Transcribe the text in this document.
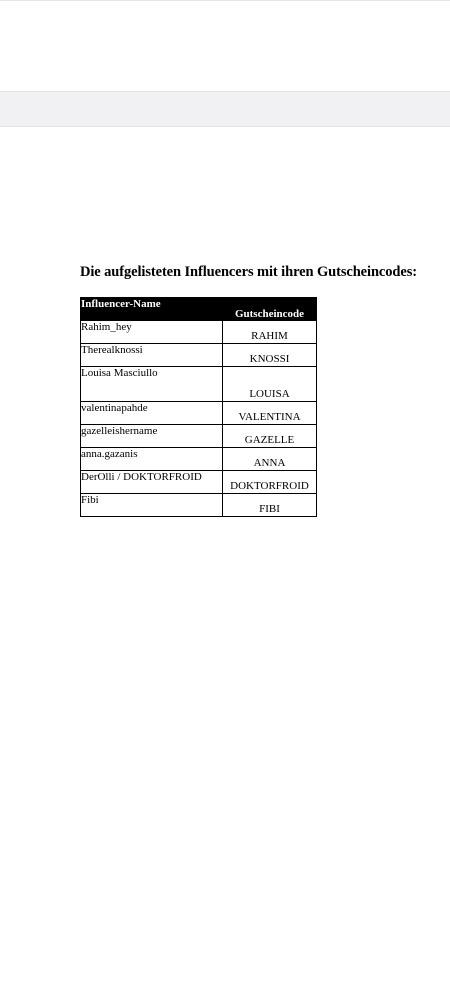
Die aufgelisteten Influencers mit ihren Gutscheincodes:
Influencer-Name	Gutscheincode
Rahim_hey	RAHIM
Therealknossi	KNOSSI
Louisa Masciullo	LOUISA
valentinapahde	VALENTINA
gazelleishername	GAZELLE
anna.gazanis	ANNA
DerOlli / DOKTORFROID	DOKTORFROID
Fibi	FIBI
